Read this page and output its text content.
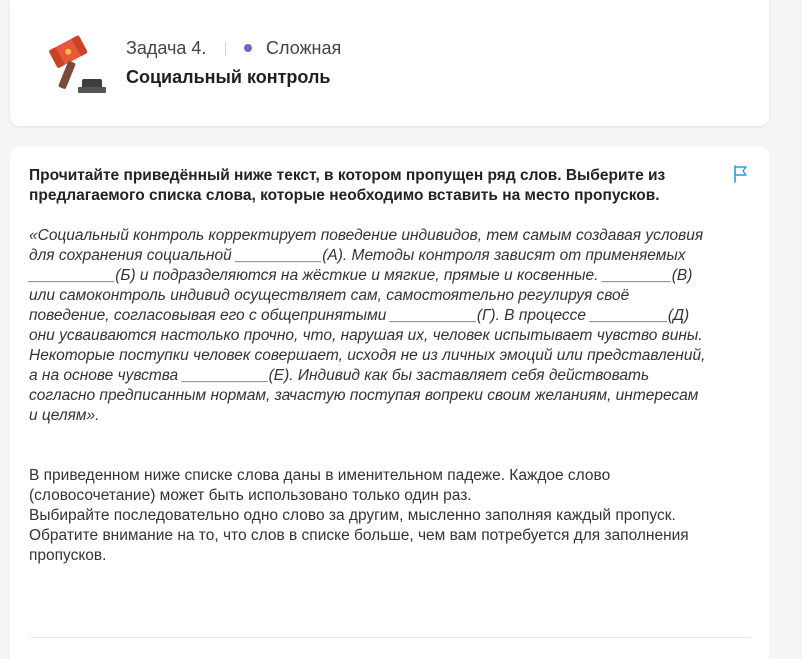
Задача 4.	Сложная
Социальный контроль

Прочитайте приведённый ниже текст, в котором пропущен ряд слов. Выберите из предлагаемого списка слова, которые необходимо вставить на место пропусков.

«Социальный контроль корректирует поведение индивидов, тем самым создавая условия для сохранения социальной __________(А). Методы контроля зависят от применяемых __________(Б) и подразделяются на жёсткие и мягкие, прямые и косвенные. ________(В) или самоконтроль индивид осуществляет сам, самостоятельно регулируя своё поведение, согласовывая его с общепринятыми __________(Г). В процессе _________(Д) они усваиваются настолько прочно, что, нарушая их, человек испытывает чувство вины. Некоторые поступки человек совершает, исходя не из личных эмоций или представлений, а на основе чувства __________(Е). Индивид как бы заставляет себя действовать согласно предписанным нормам, зачастую поступая вопреки своим желаниям, интересам и целям».

В приведенном ниже списке слова даны в именительном падеже. Каждое слово (словосочетание) может быть использовано только один раз.
Выбирайте последовательно одно слово за другим, мысленно заполняя каждый пропуск. Обратите внимание на то, что слов в списке больше, чем вам потребуется для заполнения пропусков.
